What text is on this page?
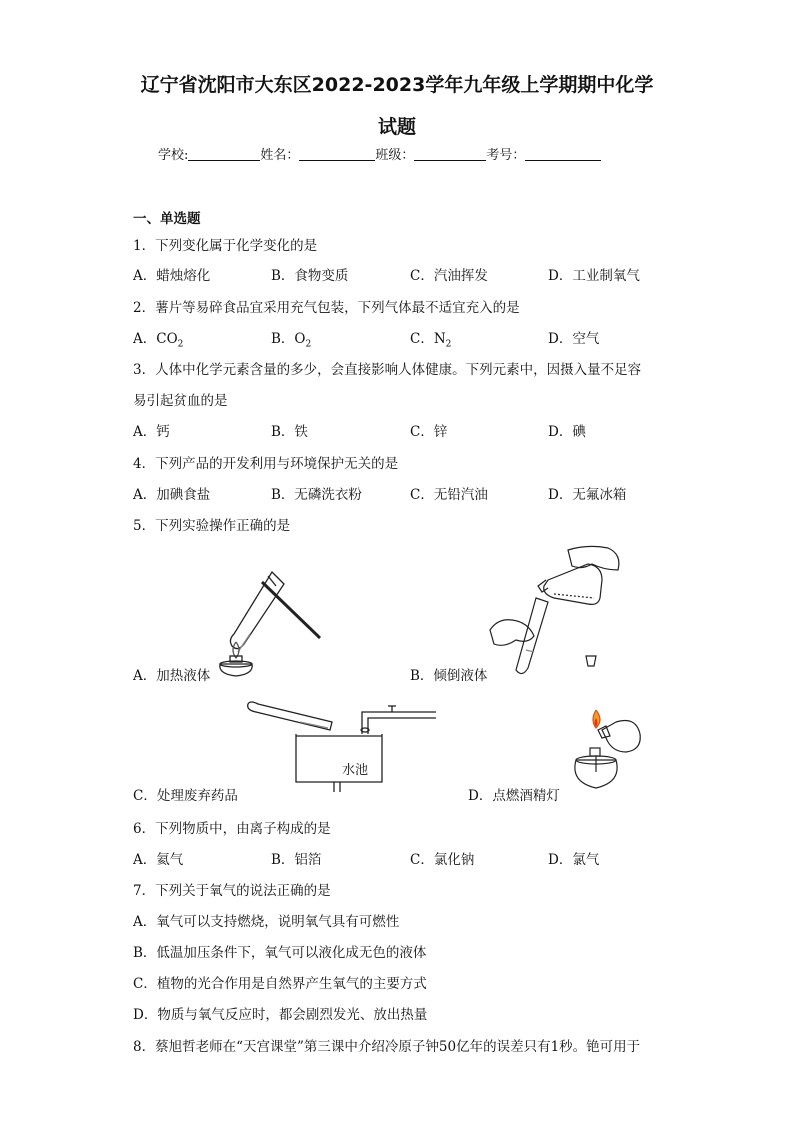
辽宁省沈阳市大东区2022-2023学年九年级上学期期中化学
试题
学校:	姓名：	班级：	考号：
一、单选题
1．下列变化属于化学变化的是
A．蜡烛熔化	B．食物变质	C．汽油挥发	D．工业制氧气
2．薯片等易碎食品宜采用充气包装，下列气体最不适宜充入的是
A．$CO_2$	B．$O_2$	C．$N_2$	D．空气
3．人体中化学元素含量的多少，会直接影响人体健康。下列元素中，因摄入量不足容
易引起贫血的是
A．钙	B．铁	C．锌	D．碘
4．下列产品的开发利用与环境保护无关的是
A．加碘食盐	B．无磷洗衣粉	C．无铅汽油	D．无氟冰箱
5．下列实验操作正确的是
A．加热液体	B．倾倒液体
水池
C．处理废弃药品	D．点燃酒精灯
6．下列物质中，由离子构成的是
A．氦气	B．铝箔	C．氯化钠	D．氯气
7．下列关于氧气的说法正确的是
A．氧气可以支持燃烧，说明氧气具有可燃性
B．低温加压条件下，氧气可以液化成无色的液体
C．植物的光合作用是自然界产生氧气的主要方式
D．物质与氧气反应时，都会剧烈发光、放出热量
8．蔡旭哲老师在“天宫课堂”第三课中介绍冷原子钟50亿年的误差只有1秒。铯可用于
